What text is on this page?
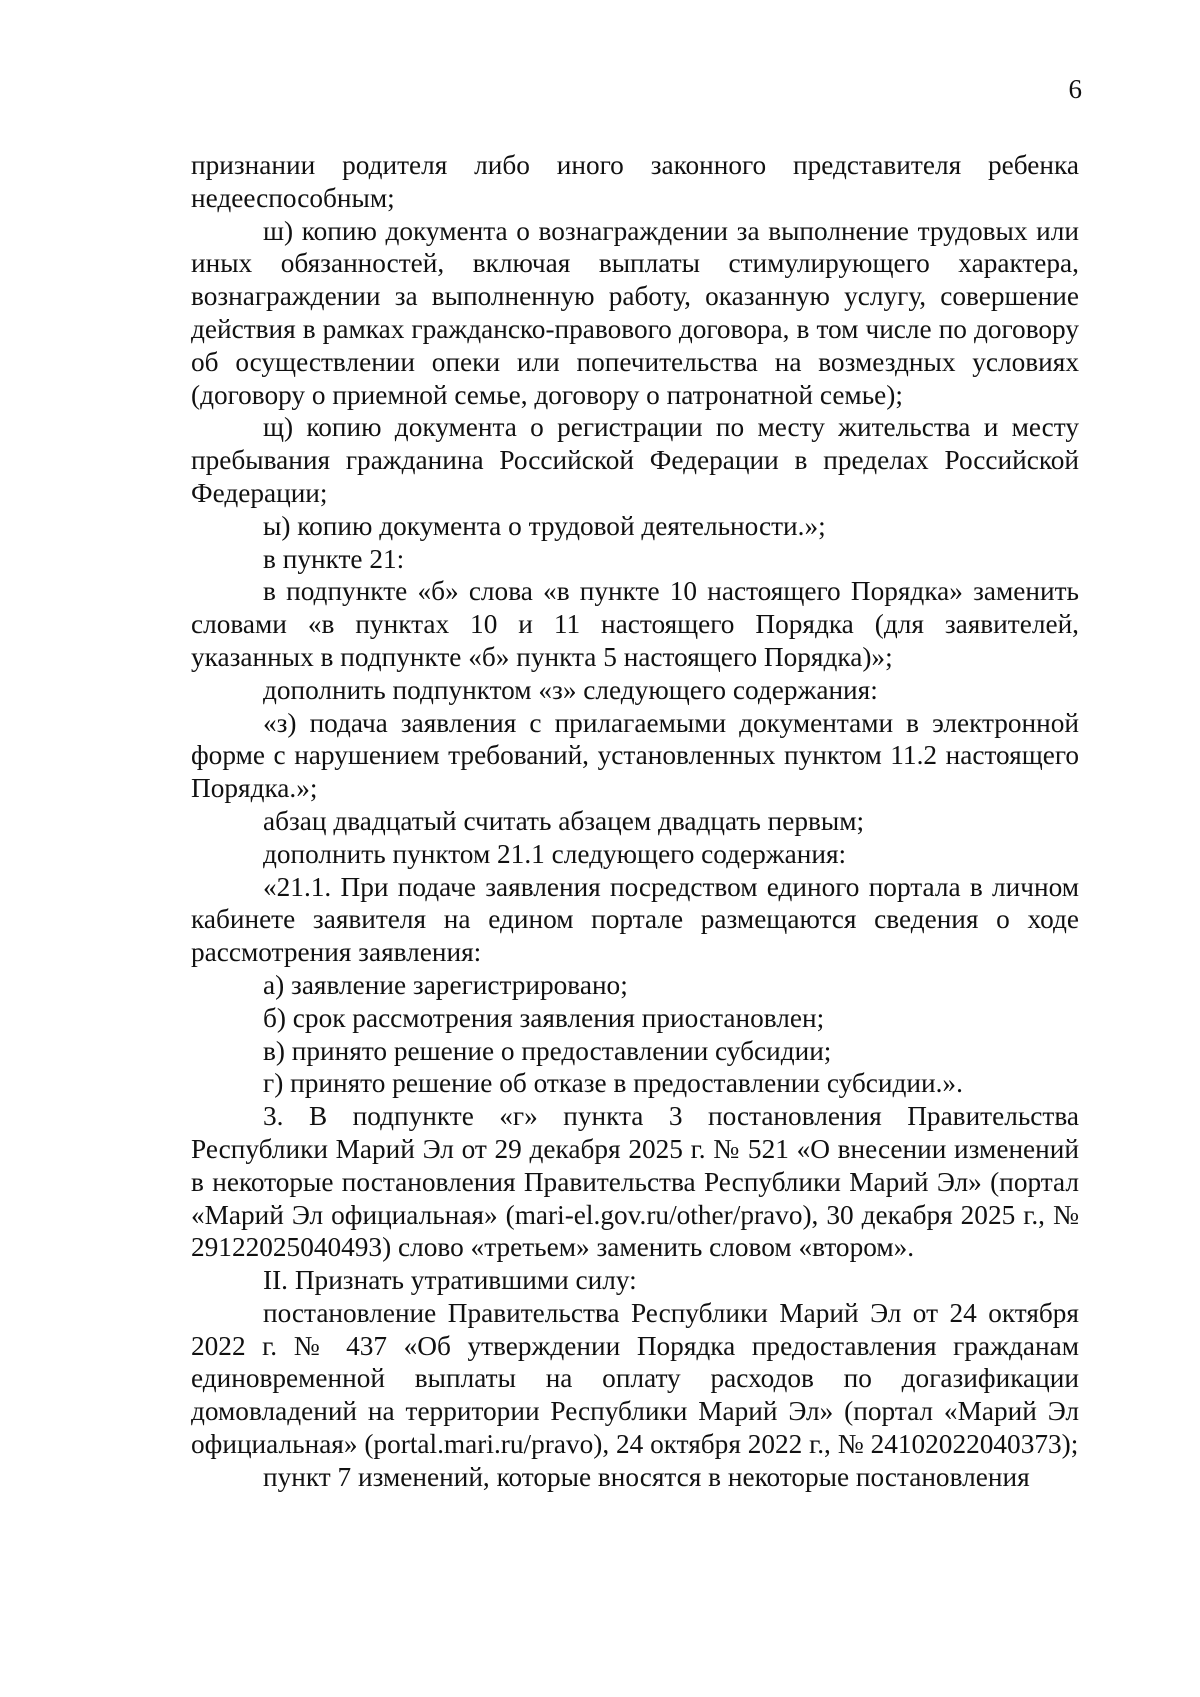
6

признании родителя либо иного законного представителя ребенка недееспособным;

ш) копию документа о вознаграждении за выполнение трудовых или иных обязанностей, включая выплаты стимулирующего характера, вознаграждении за выполненную работу, оказанную услугу, совершение действия в рамках гражданско-правового договора, в том числе по договору об осуществлении опеки или попечительства на возмездных условиях (договору о приемной семье, договору о патронатной семье);

щ) копию документа о регистрации по месту жительства и месту пребывания гражданина Российской Федерации в пределах Российской Федерации;

ы) копию документа о трудовой деятельности.»;

в пункте 21:

в подпункте «б» слова «в пункте 10 настоящего Порядка» заменить словами «в пунктах 10 и 11 настоящего Порядка (для заявителей, указанных в подпункте «б» пункта 5 настоящего Порядка)»;

дополнить подпунктом «з» следующего содержания:

«з) подача заявления с прилагаемыми документами в электронной форме с нарушением требований, установленных пунктом 11.2 настоящего Порядка.»;

абзац двадцатый считать абзацем двадцать первым;

дополнить пунктом 21.1 следующего содержания:

«21.1. При подаче заявления посредством единого портала в личном кабинете заявителя на едином портале размещаются сведения о ходе рассмотрения заявления:

а) заявление зарегистрировано;

б) срок рассмотрения заявления приостановлен;

в) принято решение о предоставлении субсидии;

г) принято решение об отказе в предоставлении субсидии.».

3. В подпункте «г» пункта 3 постановления Правительства Республики Марий Эл от 29 декабря 2025 г. № 521 «О внесении изменений в некоторые постановления Правительства Республики Марий Эл» (портал «Марий Эл официальная» (mari-el.gov.ru/other/pravo), 30 декабря 2025 г., № 29122025040493) слово «третьем» заменить словом «втором».

II. Признать утратившими силу:

постановление Правительства Республики Марий Эл от 24 октября 2022 г. № 437 «Об утверждении Порядка предоставления гражданам единовременной выплаты на оплату расходов по догазификации домовладений на территории Республики Марий Эл» (портал «Марий Эл официальная» (portal.mari.ru/pravo), 24 октября 2022 г., № 24102022040373);

пункт 7 изменений, которые вносятся в некоторые постановления
